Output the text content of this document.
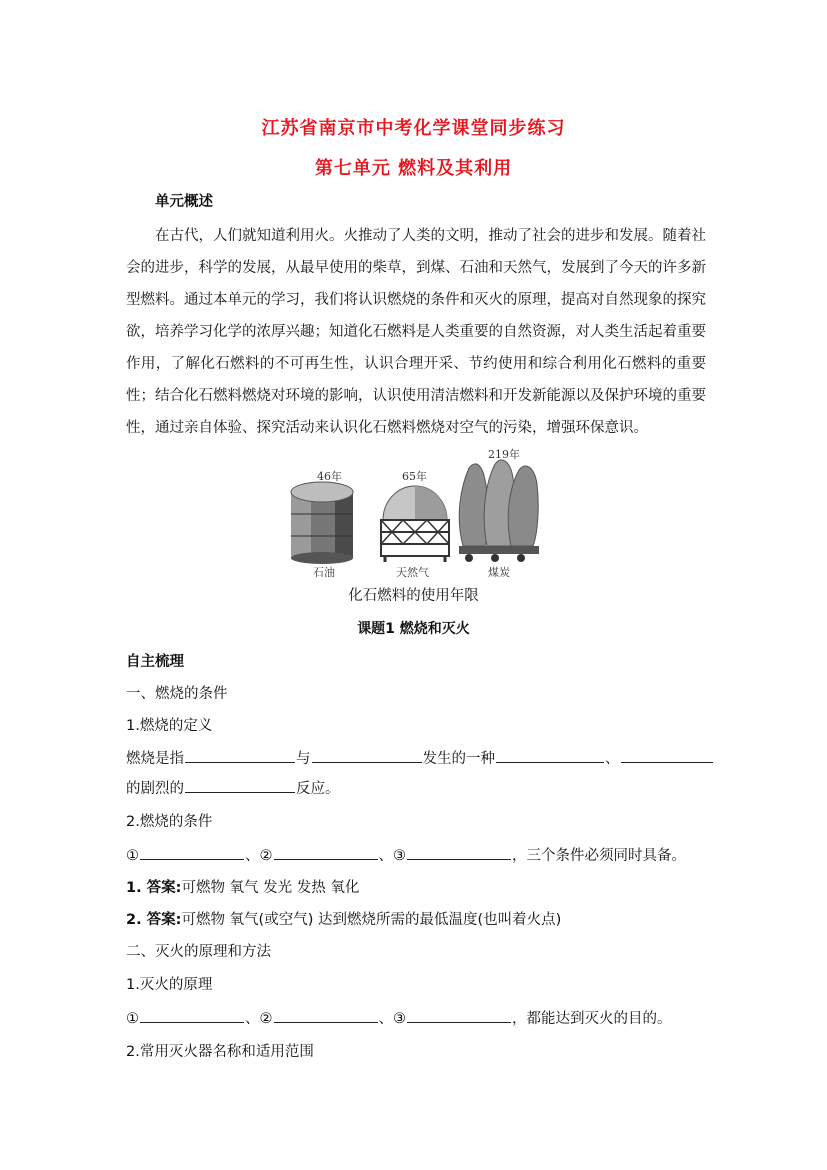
江苏省南京市中考化学课堂同步练习
第七单元 燃料及其利用
单元概述
在古代，人们就知道利用火。火推动了人类的文明，推动了社会的进步和发展。随着社会的进步，科学的发展，从最早使用的柴草，到煤、石油和天然气，发展到了今天的许多新型燃料。通过本单元的学习，我们将认识燃烧的条件和灭火的原理，提高对自然现象的探究欲，培养学习化学的浓厚兴趣；知道化石燃料是人类重要的自然资源，对人类生活起着重要作用，了解化石燃料的不可再生性，认识合理开采、节约使用和综合利用化石燃料的重要性；结合化石燃料燃烧对环境的影响，认识使用清洁燃料和开发新能源以及保护环境的重要性，通过亲自体验、探究活动来认识化石燃料燃烧对空气的污染，增强环保意识。
46年	65年
219年
石油	天然气	煤炭
化石燃料的使用年限
课题1 燃烧和灭火
自主梳理
一、燃烧的条件
1.燃烧的定义
燃烧是指	与	发生的一种	、
的剧烈的	反应。
2.燃烧的条件
①	、②	、③	，三个条件必须同时具备。
1. 答案:可燃物 氧气 发光 发热 氧化
2. 答案:可燃物 氧气(或空气) 达到燃烧所需的最低温度(也叫着火点)
二、灭火的原理和方法
1.灭火的原理
①	、②	、③	，都能达到灭火的目的。
2.常用灭火器名称和适用范围
